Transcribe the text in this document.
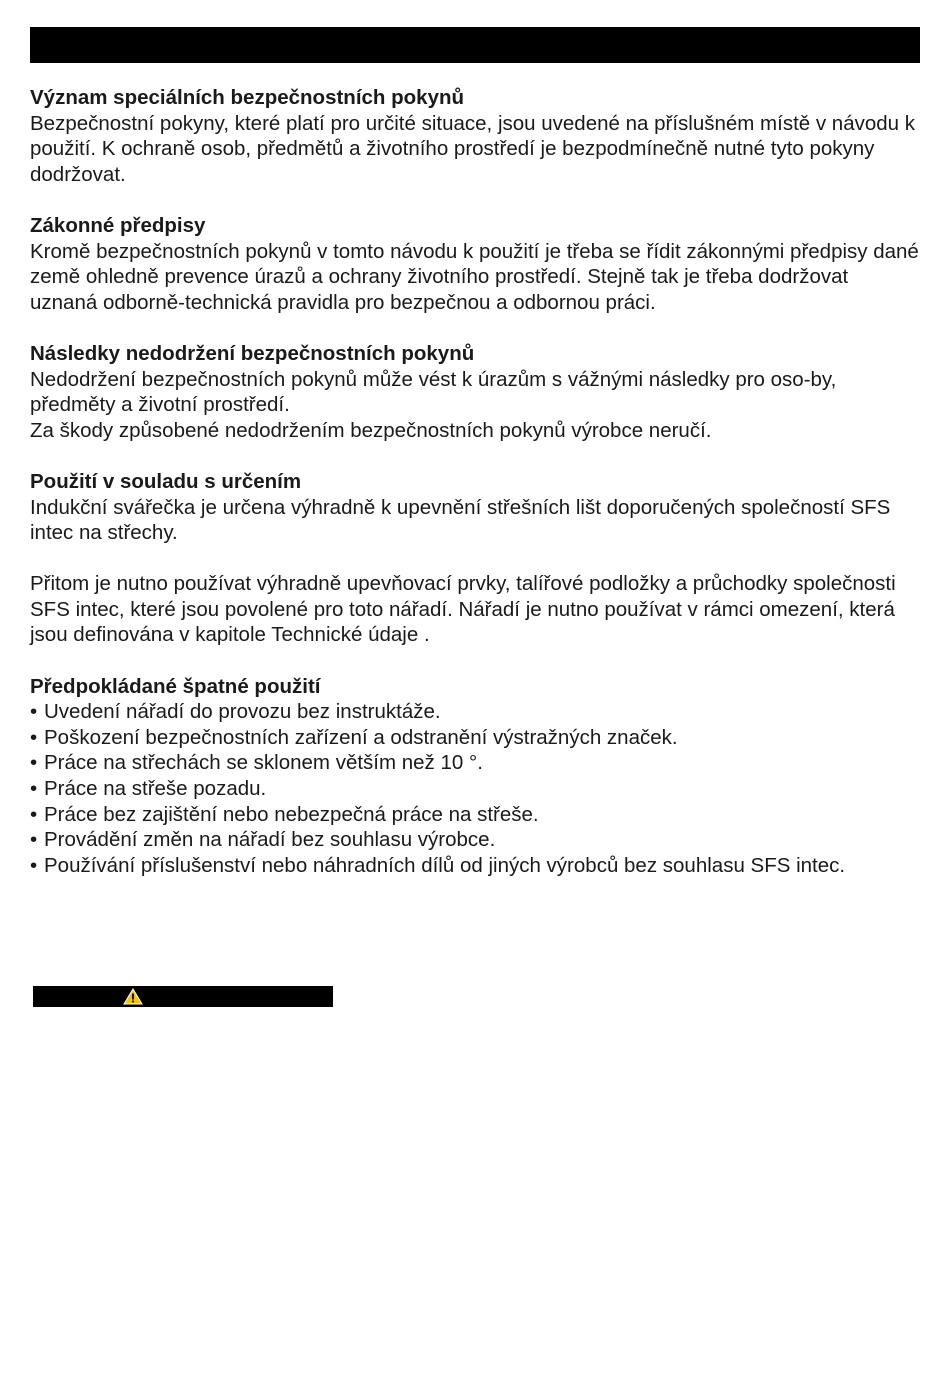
Význam speciálních bezpečnostních pokynů
Bezpečnostní pokyny, které platí pro určité situace, jsou uvedené na příslušném místě v návodu k použití. K ochraně osob, předmětů a životního prostředí je bezpodmínečně nutné tyto pokyny dodržovat.
Zákonné předpisy
Kromě bezpečnostních pokynů v tomto návodu k použití je třeba se řídit zákonnými předpisy dané země ohledně prevence úrazů a ochrany životního prostředí. Stejně tak je třeba dodržovat uznaná odborně-technická pravidla pro bezpečnou a odbornou práci.
Následky nedodržení bezpečnostních pokynů
Nedodržení bezpečnostních pokynů může vést k úrazům s vážnými následky pro oso-by, předměty a životní prostředí.
Za škody způsobené nedodržením bezpečnostních pokynů výrobce neručí.
Použití v souladu s určením
Indukční svářečka je určena výhradně k upevnění střešních lišt doporučených společností SFS intec na střechy.
Přitom je nutno používat výhradně upevňovací prvky, talířové podložky a průchodky společnosti SFS intec, které jsou povolené pro toto nářadí. Nářadí je nutno používat v rámci omezení, která jsou definována v kapitole Technické údaje .
Předpokládané špatné použití
• Uvedení nářadí do provozu bez instruktáže.
• Poškození bezpečnostních zařízení a odstranění výstražných značek.
• Práce na střechách se sklonem větším než 10 °.
• Práce na střeše pozadu.
• Práce bez zajištění nebo nebezpečná práce na střeše.
• Provádění změn na nářadí bez souhlasu výrobce.
• Používání příslušenství nebo náhradních dílů od jiných výrobců bez souhlasu SFS intec.
